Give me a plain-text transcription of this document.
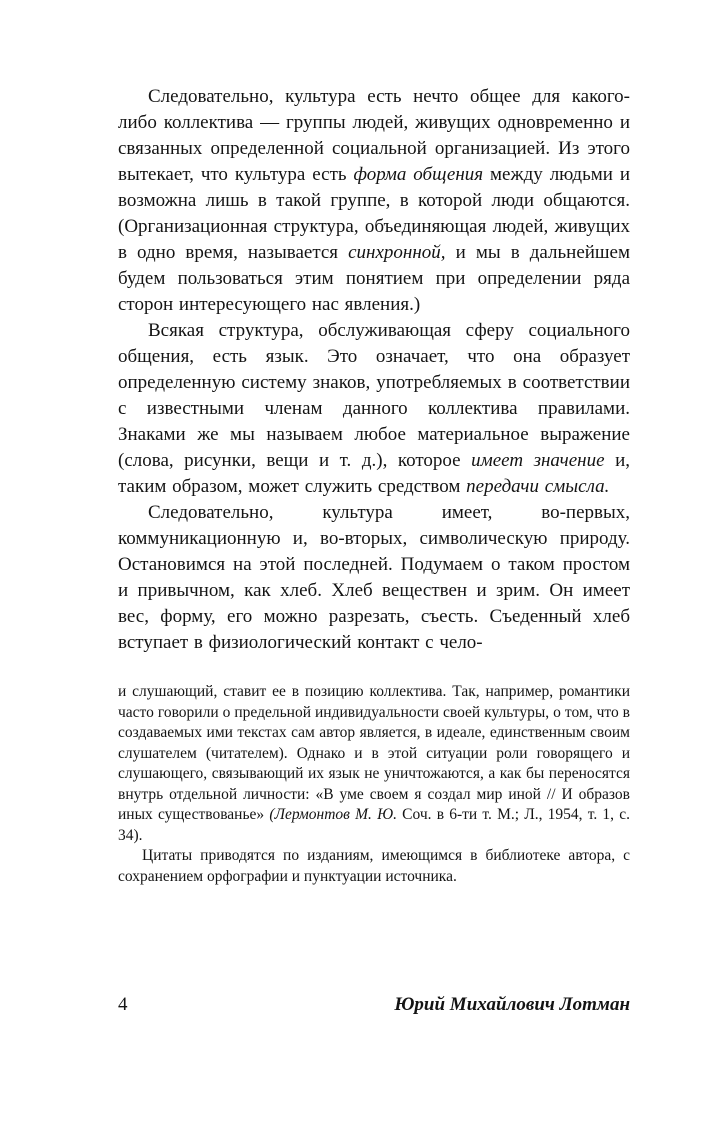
Следовательно, культура есть нечто общее для какого-либо коллектива — группы людей, живущих одновременно и связанных определенной социальной организацией. Из этого вытекает, что культура есть форма общения между людьми и возможна лишь в такой группе, в которой люди общаются. (Организационная структура, объединяющая людей, живущих в одно время, называется синхронной, и мы в дальнейшем будем пользоваться этим понятием при определении ряда сторон интересующего нас явления.)

Всякая структура, обслуживающая сферу социального общения, есть язык. Это означает, что она образует определенную систему знаков, употребляемых в соответствии с известными членам данного коллектива правилами. Знаками же мы называем любое материальное выражение (слова, рисунки, вещи и т. д.), которое имеет значение и, таким образом, может служить средством передачи смысла.

Следовательно, культура имеет, во-первых, коммуникационную и, во-вторых, символическую природу. Остановимся на этой последней. Подумаем о таком простом и привычном, как хлеб. Хлеб веществен и зрим. Он имеет вес, форму, его можно разрезать, съесть. Съеденный хлеб вступает в физиологический контакт с чело-

и слушающий, ставит ее в позицию коллектива. Так, например, романтики часто говорили о предельной индивидуальности своей культуры, о том, что в создаваемых ими текстах сам автор является, в идеале, единственным своим слушателем (читателем). Однако и в этой ситуации роли говорящего и слушающего, связывающий их язык не уничтожаются, а как бы переносятся внутрь отдельной личности: «В уме своем я создал мир иной // И образов иных существованье» (Лермонтов М. Ю. Соч. в 6-ти т. М.; Л., 1954, т. 1, с. 34).

Цитаты приводятся по изданиям, имеющимся в библиотеке автора, с сохранением орфографии и пунктуации источника.

4	Юрий Михайлович Лотман
